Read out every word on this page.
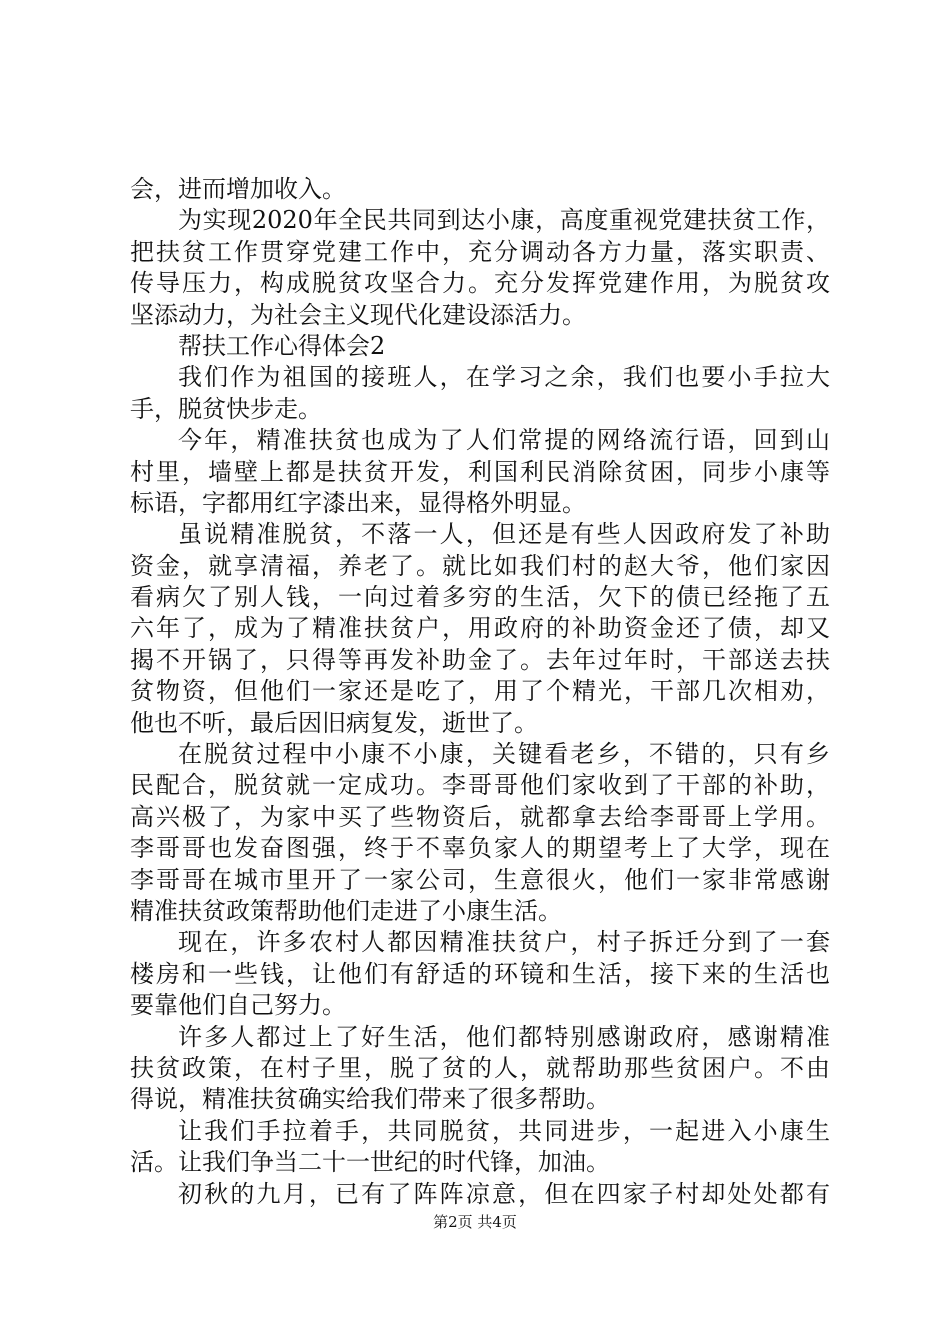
会，进而增加收入。
为实现2020年全民共同到达小康，高度重视党建扶贫工作，
把扶贫工作贯穿党建工作中，充分调动各方力量，落实职责、
传导压力，构成脱贫攻坚合力。充分发挥党建作用，为脱贫攻
坚添动力，为社会主义现代化建设添活力。
帮扶工作心得体会2
我们作为祖国的接班人，在学习之余，我们也要小手拉大
手，脱贫快步走。
今年，精准扶贫也成为了人们常提的网络流行语，回到山
村里，墙壁上都是扶贫开发，利国利民消除贫困，同步小康等
标语，字都用红字漆出来，显得格外明显。
虽说精准脱贫，不落一人，但还是有些人因政府发了补助
资金，就享清福，养老了。就比如我们村的赵大爷，他们家因
看病欠了别人钱，一向过着多穷的生活，欠下的债已经拖了五
六年了，成为了精准扶贫户，用政府的补助资金还了债，却又
揭不开锅了，只得等再发补助金了。去年过年时，干部送去扶
贫物资，但他们一家还是吃了，用了个精光，干部几次相劝，
他也不听，最后因旧病复发，逝世了。
在脱贫过程中小康不小康，关键看老乡，不错的，只有乡
民配合，脱贫就一定成功。李哥哥他们家收到了干部的补助，
高兴极了，为家中买了些物资后，就都拿去给李哥哥上学用。
李哥哥也发奋图强，终于不辜负家人的期望考上了大学，现在
李哥哥在城市里开了一家公司，生意很火，他们一家非常感谢
精准扶贫政策帮助他们走进了小康生活。
现在，许多农村人都因精准扶贫户，村子拆迁分到了一套
楼房和一些钱，让他们有舒适的环镜和生活，接下来的生活也
要靠他们自己努力。
许多人都过上了好生活，他们都特别感谢政府，感谢精准
扶贫政策，在村子里，脱了贫的人，就帮助那些贫困户。不由
得说，精准扶贫确实给我们带来了很多帮助。
让我们手拉着手，共同脱贫，共同进步，一起进入小康生
活。让我们争当二十一世纪的时代锋，加油。
初秋的九月，已有了阵阵凉意，但在四家子村却处处都有
第2页 共4页
